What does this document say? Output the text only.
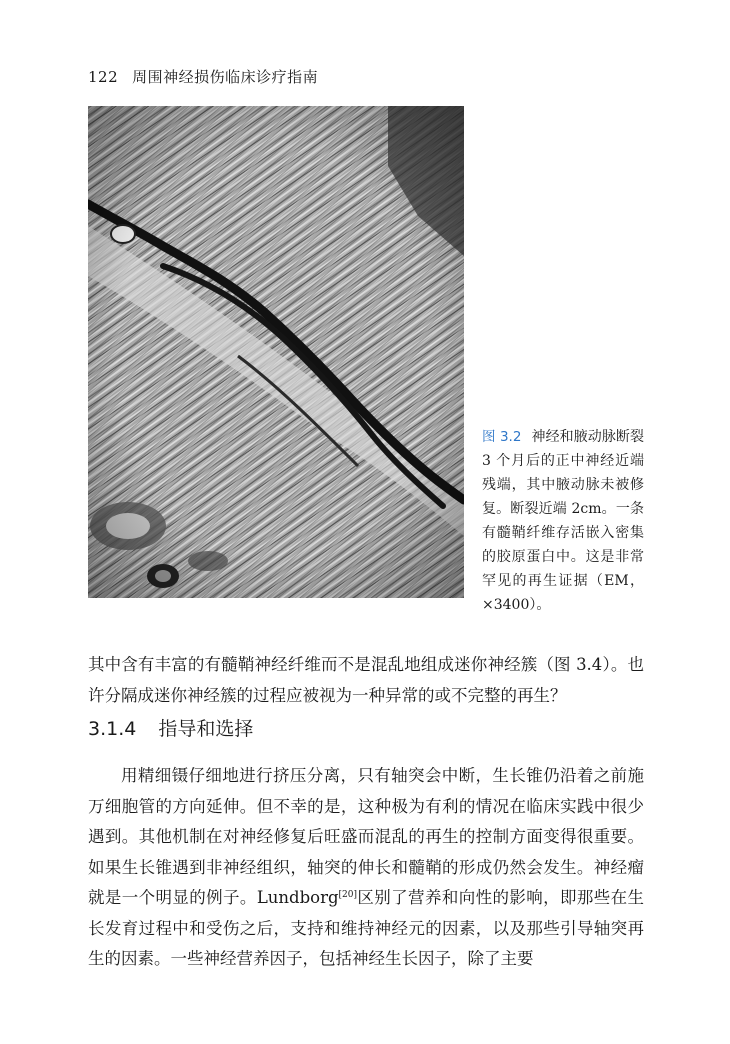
122 周围神经损伤临床诊疗指南
图 3.2 神经和腋动脉断裂 3 个月后的正中神经近端残端，其中腋动脉未被修复。断裂近端 2cm。一条有髓鞘纤维存活嵌入密集的胶原蛋白中。这是非常罕见的再生证据（EM，×3400）。

其中含有丰富的有髓鞘神经纤维而不是混乱地组成迷你神经簇（图 3.4）。也许分隔成迷你神经簇的过程应被视为一种异常的或不完整的再生？

3.1.4 指导和选择

用精细镊仔细地进行挤压分离，只有轴突会中断，生长锥仍沿着之前施万细胞管的方向延伸。但不幸的是，这种极为有利的情况在临床实践中很少遇到。其他机制在对神经修复后旺盛而混乱的再生的控制方面变得很重要。如果生长锥遇到非神经组织，轴突的伸长和髓鞘的形成仍然会发生。神经瘤就是一个明显的例子。Lundborg[20]区别了营养和向性的影响，即那些在生长发育过程中和受伤之后，支持和维持神经元的因素，以及那些引导轴突再生的因素。一些神经营养因子，包括神经生长因子，除了主要
